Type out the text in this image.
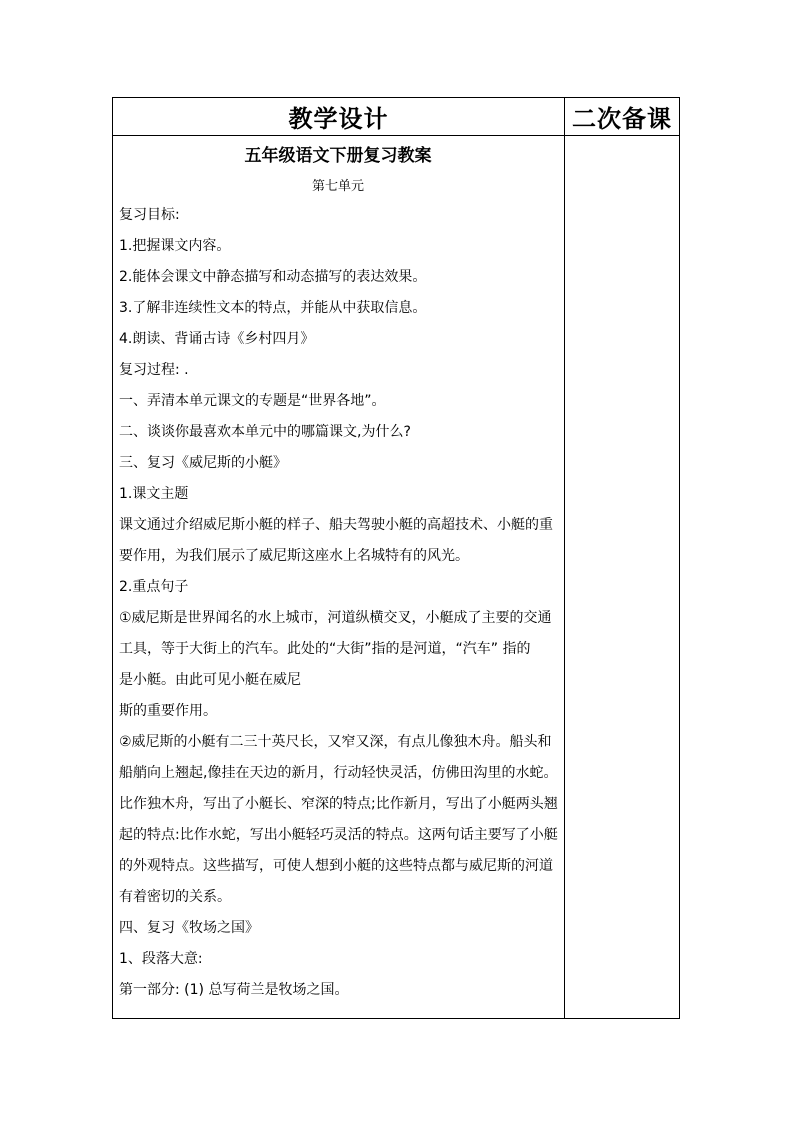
教学设计	二次备课
五年级语文下册复习教案
第七单元
复习目标:
1.把握课文内容。
2.能体会课文中静态描写和动态描写的表达效果。
3.了解非连续性文本的特点，并能从中获取信息。
4.朗读、背诵古诗《乡村四月》
复习过程: .
一、弄清本单元课文的专题是“世界各地”。
二、谈谈你最喜欢本单元中的哪篇课文,为什么?
三、复习《威尼斯的小艇》
1.课文主题
课文通过介绍威尼斯小艇的样子、船夫驾驶小艇的高超技术、小艇的重
要作用，为我们展示了威尼斯这座水上名城特有的风光。
2.重点句子
①威尼斯是世界闻名的水上城市，河道纵横交叉，小艇成了主要的交通
工具，等于大街上的汽车。此处的“大街”指的是河道，“汽车” 指的
是小艇。由此可见小艇在威尼
斯的重要作用。
②威尼斯的小艇有二三十英尺长，又窄又深，有点儿像独木舟。船头和
船艄向上翘起,像挂在天边的新月，行动轻快灵活，仿佛田沟里的水蛇。
比作独木舟，写出了小艇长、窄深的特点;比作新月，写出了小艇两头翘
起的特点:比作水蛇，写出小艇轻巧灵活的特点。这两句话主要写了小艇
的外观特点。这些描写，可使人想到小艇的这些特点都与威尼斯的河道
有着密切的关系。
四、复习《牧场之国》
1、段落大意:
第一部分: (1) 总写荷兰是牧场之国。
